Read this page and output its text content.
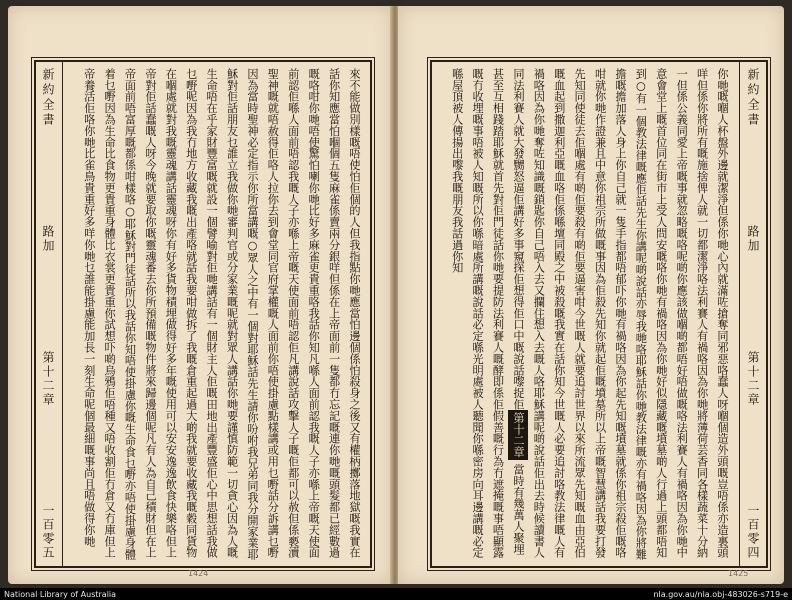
新約全書
路加
第十二章
一百零五	來不能做別樣嘅唔使怕佢個的人但我指點你哋應當怕邊個係怕殺身之後又有權柄擲落地獄嘅我實在話你知應當怕嗰個五隻麻雀係賣兩分銀咩但係在上帝面前一隻都冇忘記嘅連你哋嘅頭髮都已經數過嘅咯咁你哋唔使驚怕喇你哋比好多麻雀更貴重咯我話你知凡喺人面前認我嘅人子亦喺上帝嘅天使面前認佢喺人面前唔認我嘅人子亦喺上帝嘅天使面前唔認佢凡講說話攻擊人子嘅佢都可以赦但係褻瀆聖神嘅就唔赦得佢咯人拉你去到會堂同官府掌權嘅人面前你唔使掛慮點樣講或用乜嘢話分訴講乜嘢因為當時聖神必定指示你所當講嘅○眾人之中有一個對耶穌話先生請你吩咐我兄弟同我分開家業耶穌對佢話朋友乜誰立我做你哋審判官或分家業嘅呢就對眾人講話你哋要謹慎防範一切貪心因為人嘅生命唔在乎家財豐富嘅就設一個譬喻對佢哋講話有一個財主人佢嘅田地出產豐盛佢心中思想話我做乜嘢呢因為我冇地方收藏我嘅出產咯就話我要咁做拆了我嘅倉重起過大啲我就要收藏我嘅穀同貨物在嗰處就對我嘅靈魂講話靈魂呀你有好多貨物積埋做得好多年嘅使用可以安安逸逸飲食快樂咯但上帝對佢話蠢嘅人呀今晚就要取你嘅靈魂番去你所預備嘅物件將來歸邊個呢凡有人為自己積財但在上帝面前唔富厚嘅都係咁樣咯○耶穌對門徒話所以我話你知唔使掛慮你嘅生命食乜嘢亦唔使掛慮身體着乜嘢因為生命比食物更貴重身體比衣裳更貴重你試想吓啲烏鴉佢唔種又唔收割佢冇倉又冇庫但上帝養活佢咯你哋比雀鳥貴重好多咩你哋乜誰能掛慮能加長一刻生命呢個最細嘅事尚且唔做得你哋
1424
新約全書
路加
第十二章
一百零四
你哋嘅嗰人杯盤外邊就潔淨但係你哋心內就滿咗搶奪同邪惡咯蠢人呀嗰個造外頭嘅豈唔係亦造裏頭咩但係你將所有嘅施捨俾人就一切都潔淨咯法利賽人有禍咯因為你哋將薄荷芸香同各樣蔬菜十分納一但係公義同愛上帝嘅事就忽略嘅咯呢啲你應該做嗰啲都唔好唔做嘅咯法利賽人有禍咯因為你哋中意會堂上嘅首位同在街市上受人問安嘅咯你哋有禍咯因為你哋好似隱藏嘅墳墓啲人行過上頭都唔知到○有一個教法律嘅應佢話先生你講呢啲說話亦辱我哋咯耶穌話你哋教法律嘅亦有禍咯因為你將難擔嘅擔加落人身上你自己就一隻手指都唔郁吓你哋有禍咯因為你起先知嘅墳墓就係你祖宗殺佢嘅咯咁就你哋作證兼且中意你祖宗所做嘅事因為佢殺先知你就起佢嘅墳墓所以上帝嘅智慧講話我要打發先知同使徒去佢嗰處有啲佢要殺有啲佢要逼害咁今世嘅人就要追討世界以來所流眾先知嘅血由亞伯嘅血起到撒迦利亞嘅血咯佢係喺壇同殿之中被殺嘅我實在話你知今世嘅人必要追討咯教法律嘅人有禍咯因為你哋奪咗知識嘅鎖匙你自己唔入去又攔住想入去嘅人咯耶穌講呢啲說話佢出去時候讀書人同法利賽人就大發嬲怒逼佢講好多事窺探佢想得佢口中嘅說話嚟捉佢第十二章當時有幾萬人聚埋甚至互相踐踏耶穌就首先對佢門徒話你哋要提防法利賽人嘅酵即係佢假善嘅行為冇遮掩嘅事唔顯露嘅冇收埋嘅事唔被人知嘅所以你喺暗處所講嘅說話必定喺光明處被人聽聞你喺密房向耳邊講嘅必定喺屋頂被人傳揚出嚟我嘅朋友我話過你知
1425
National Library of Australia	nla.gov.au/nla.obj-483026-s719-e
